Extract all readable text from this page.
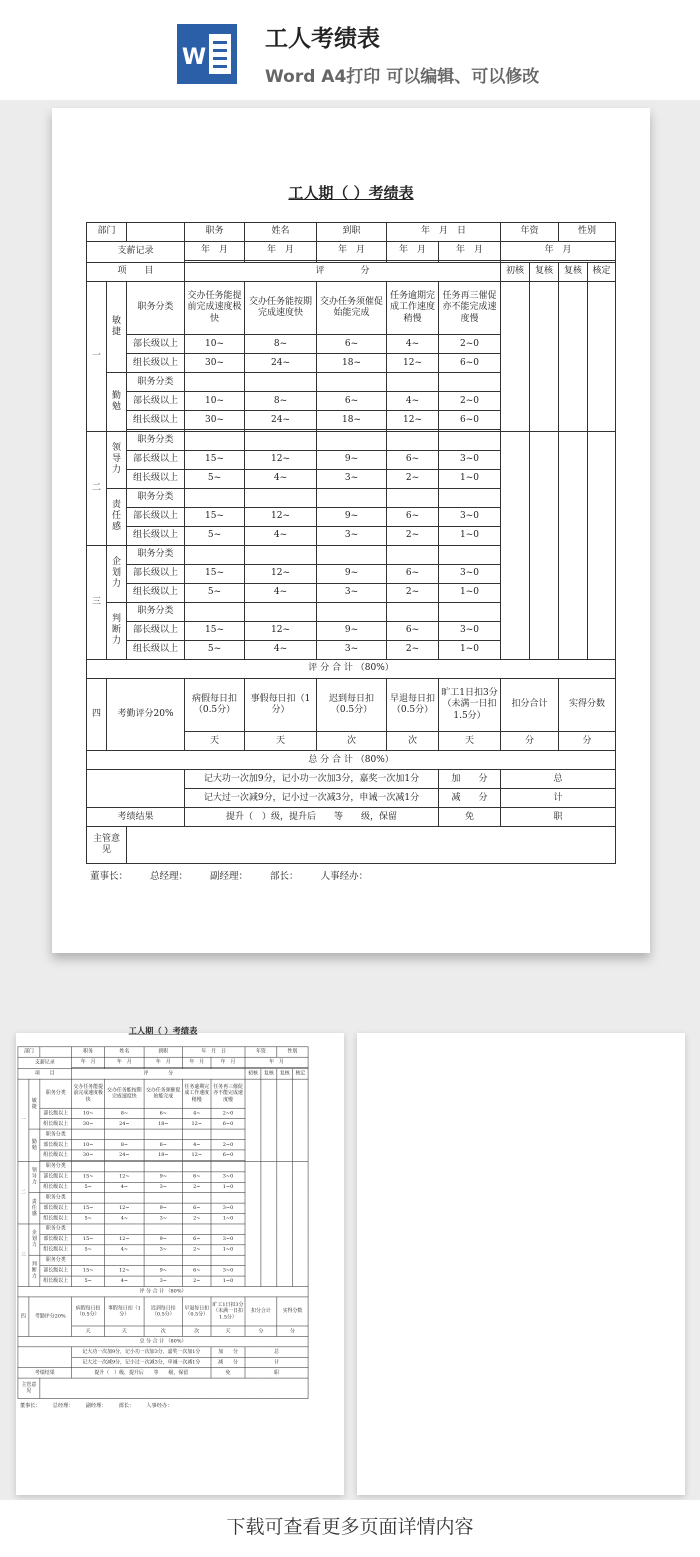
W
工人考绩表
Word A4打印 可以编辑、可以修改
工人期（ ）考绩表
部门			职务	姓名	到职	年　月　日		年资		性别	
支薪记录			年　月	年　月	年　月	年　月	年　月	年　月			

项　　目			评　　　　分					初核	复核	复核	核定
一	敏捷	职务分类	交办任务能提前完成速度极快	交办任务能按期完成速度快	交办任务须催促始能完成	任务逾期完成工作速度稍慢	任务再三催促亦不能完成速度慢				
		部长级以上	10~	8~	6~	4~	2~0				
		组长级以上	30~	24~	18~	12~	6~0				
	勤勉	职务分类									
		部长级以上	10~	8~	6~	4~	2~0				
		组长级以上	30~	24~	18~	12~	6~0				

二	领导力	职务分类									
		部长级以上	15~	12~	9~	6~	3~0				
		组长级以上	5~	4~	3~	2~	1~0				
	责任感	职务分类									
		部长级以上	15~	12~	9~	6~	3~0				
		组长级以上	5~	4~	3~	2~	1~0				
三	企划力	职务分类									
		部长级以上	15~	12~	9~	6~	3~0				
		组长级以上	5~	4~	3~	2~	1~0				
	判断力	职务分类									
		部长级以上	15~	12~	9~	6~	3~0				
		组长级以上	5~	4~	3~	2~	1~0				
评 分 合 计 （80%）											
四	考勤评分20%		病假每日扣（0.5分）	事假每日扣（1分）	迟到每日扣（0.5分）	早退每日扣（0.5分）	旷工1日扣3分（未满一日扣1.5分）	扣分合计		实得分数	
			天	天	次	次	天	分		分	
总 分 合 计 （80%）											
			记大功一次加9分，记小功一次加3分，嘉奖一次加1分				加　　分	总			
			记大过一次减9分，记小过一次减3分，申诫一次减1分				减　　分	计			
考绩结果			提升（　）级，提升后　　等　　级，保留				免	职			
主管意见											
董事长： 总经理： 副经理： 部长： 人事经办：
工人期（ ）考绩表
部门			职务	姓名	到职	年　月　日		年资		性别	
支薪记录			年　月	年　月	年　月	年　月	年　月	年　月			

项　　目			评　　　　分					初核	复核	复核	核定
一	敏捷	职务分类	交办任务能提前完成速度极快	交办任务能按期完成速度快	交办任务须催促始能完成	任务逾期完成工作速度稍慢	任务再三催促亦不能完成速度慢				
		部长级以上	10~	8~	6~	4~	2~0				
		组长级以上	30~	24~	18~	12~	6~0				
	勤勉	职务分类									
		部长级以上	10~	8~	6~	4~	2~0				
		组长级以上	30~	24~	18~	12~	6~0				

二	领导力	职务分类									
		部长级以上	15~	12~	9~	6~	3~0				
		组长级以上	5~	4~	3~	2~	1~0				
	责任感	职务分类									
		部长级以上	15~	12~	9~	6~	3~0				
		组长级以上	5~	4~	3~	2~	1~0				
三	企划力	职务分类									
		部长级以上	15~	12~	9~	6~	3~0				
		组长级以上	5~	4~	3~	2~	1~0				
	判断力	职务分类									
		部长级以上	15~	12~	9~	6~	3~0				
		组长级以上	5~	4~	3~	2~	1~0				
评 分 合 计 （80%）											
四	考勤评分20%		病假每日扣（0.5分）	事假每日扣（1分）	迟到每日扣（0.5分）	早退每日扣（0.5分）	旷工1日扣3分（未满一日扣1.5分）	扣分合计		实得分数	
			天	天	次	次	天	分		分	
总 分 合 计 （80%）											
			记大功一次加9分，记小功一次加3分，嘉奖一次加1分				加　　分	总			
			记大过一次减9分，记小过一次减3分，申诫一次减1分				减　　分	计			
考绩结果			提升（　）级，提升后　　等　　级，保留				免	职			
主管意见											
董事长： 总经理： 副经理： 部长： 人事经办：
下载可查看更多页面详情内容
